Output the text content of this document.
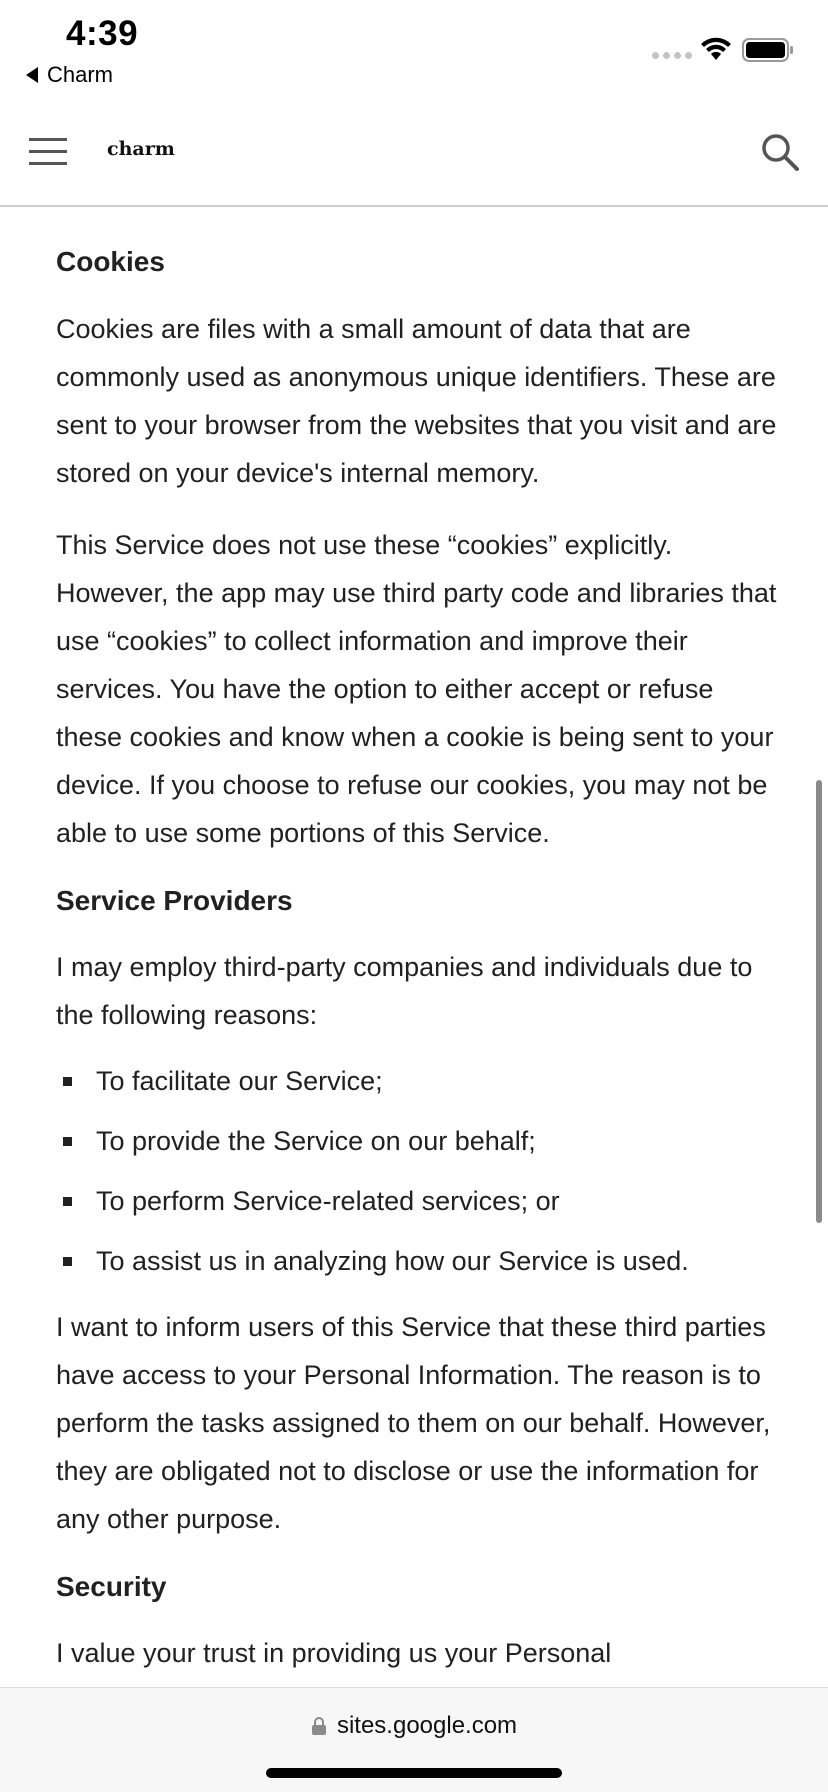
4:39
Charm
charm
Cookies

Cookies are files with a small amount of data that are commonly used as anonymous unique identifiers. These are sent to your browser from the websites that you visit and are stored on your device's internal memory.

This Service does not use these “cookies” explicitly. However, the app may use third party code and libraries that use “cookies” to collect information and improve their services. You have the option to either accept or refuse these cookies and know when a cookie is being sent to your device. If you choose to refuse our cookies, you may not be able to use some portions of this Service.

Service Providers

I may employ third-party companies and individuals due to the following reasons:

To facilitate our Service;
To provide the Service on our behalf;
To perform Service-related services; or
To assist us in analyzing how our Service is used.

I want to inform users of this Service that these third parties have access to your Personal Information. The reason is to perform the tasks assigned to them on our behalf. However, they are obligated not to disclose or use the information for any other purpose.

Security

I value your trust in providing us your Personal

sites.google.com
